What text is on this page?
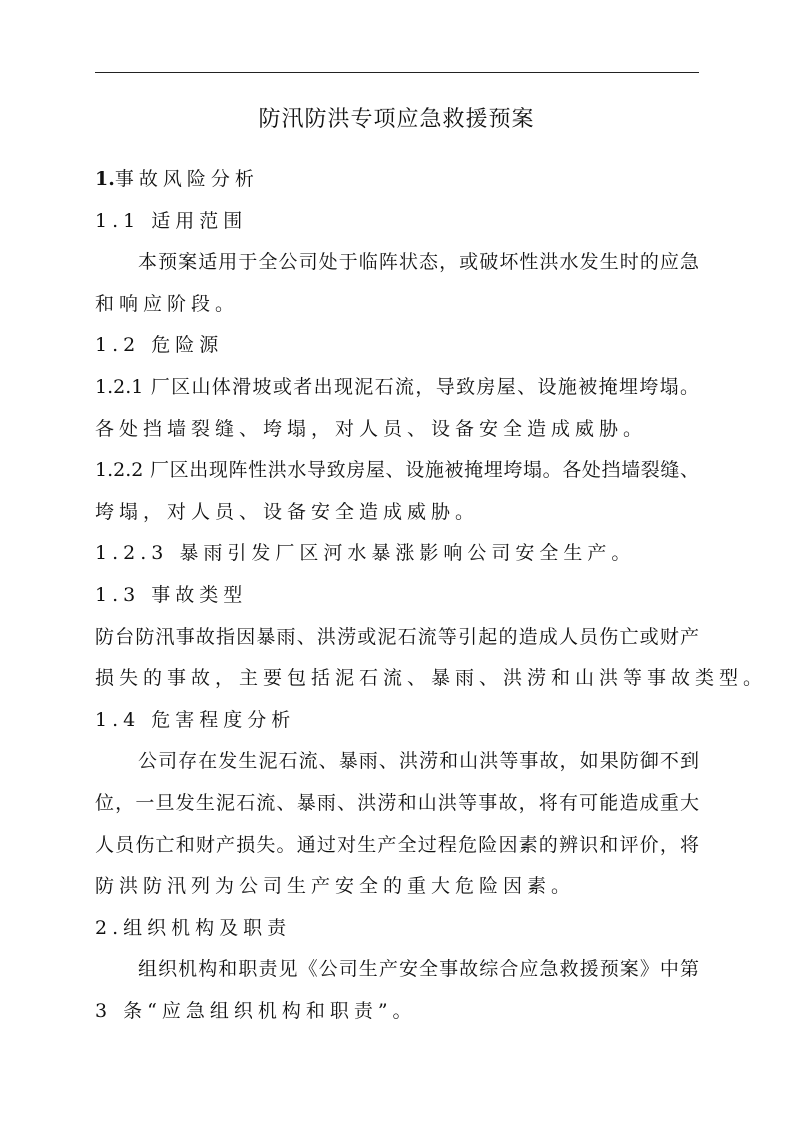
防汛防洪专项应急救援预案
1.事故风险分析
1.1 适用范围
本预案适用于全公司处于临阵状态，或破坏性洪水发生时的应急
和响应阶段。
1.2 危险源
1.2.1 厂区山体滑坡或者出现泥石流，导致房屋、设施被掩埋垮塌。
各处挡墙裂缝、垮塌，对人员、设备安全造成威胁。
1.2.2 厂区出现阵性洪水导致房屋、设施被掩埋垮塌。各处挡墙裂缝、
垮塌，对人员、设备安全造成威胁。
1.2.3 暴雨引发厂区河水暴涨影响公司安全生产。
1.3 事故类型
防台防汛事故指因暴雨、洪涝或泥石流等引起的造成人员伤亡或财产
损失的事故，主要包括泥石流、暴雨、洪涝和山洪等事故类型。
1.4 危害程度分析
公司存在发生泥石流、暴雨、洪涝和山洪等事故，如果防御不到
位，一旦发生泥石流、暴雨、洪涝和山洪等事故，将有可能造成重大
人员伤亡和财产损失。通过对生产全过程危险因素的辨识和评价，将
防洪防汛列为公司生产安全的重大危险因素。
2.组织机构及职责
组织机构和职责见《公司生产安全事故综合应急救援预案》中第
3 条“应急组织机构和职责”。
